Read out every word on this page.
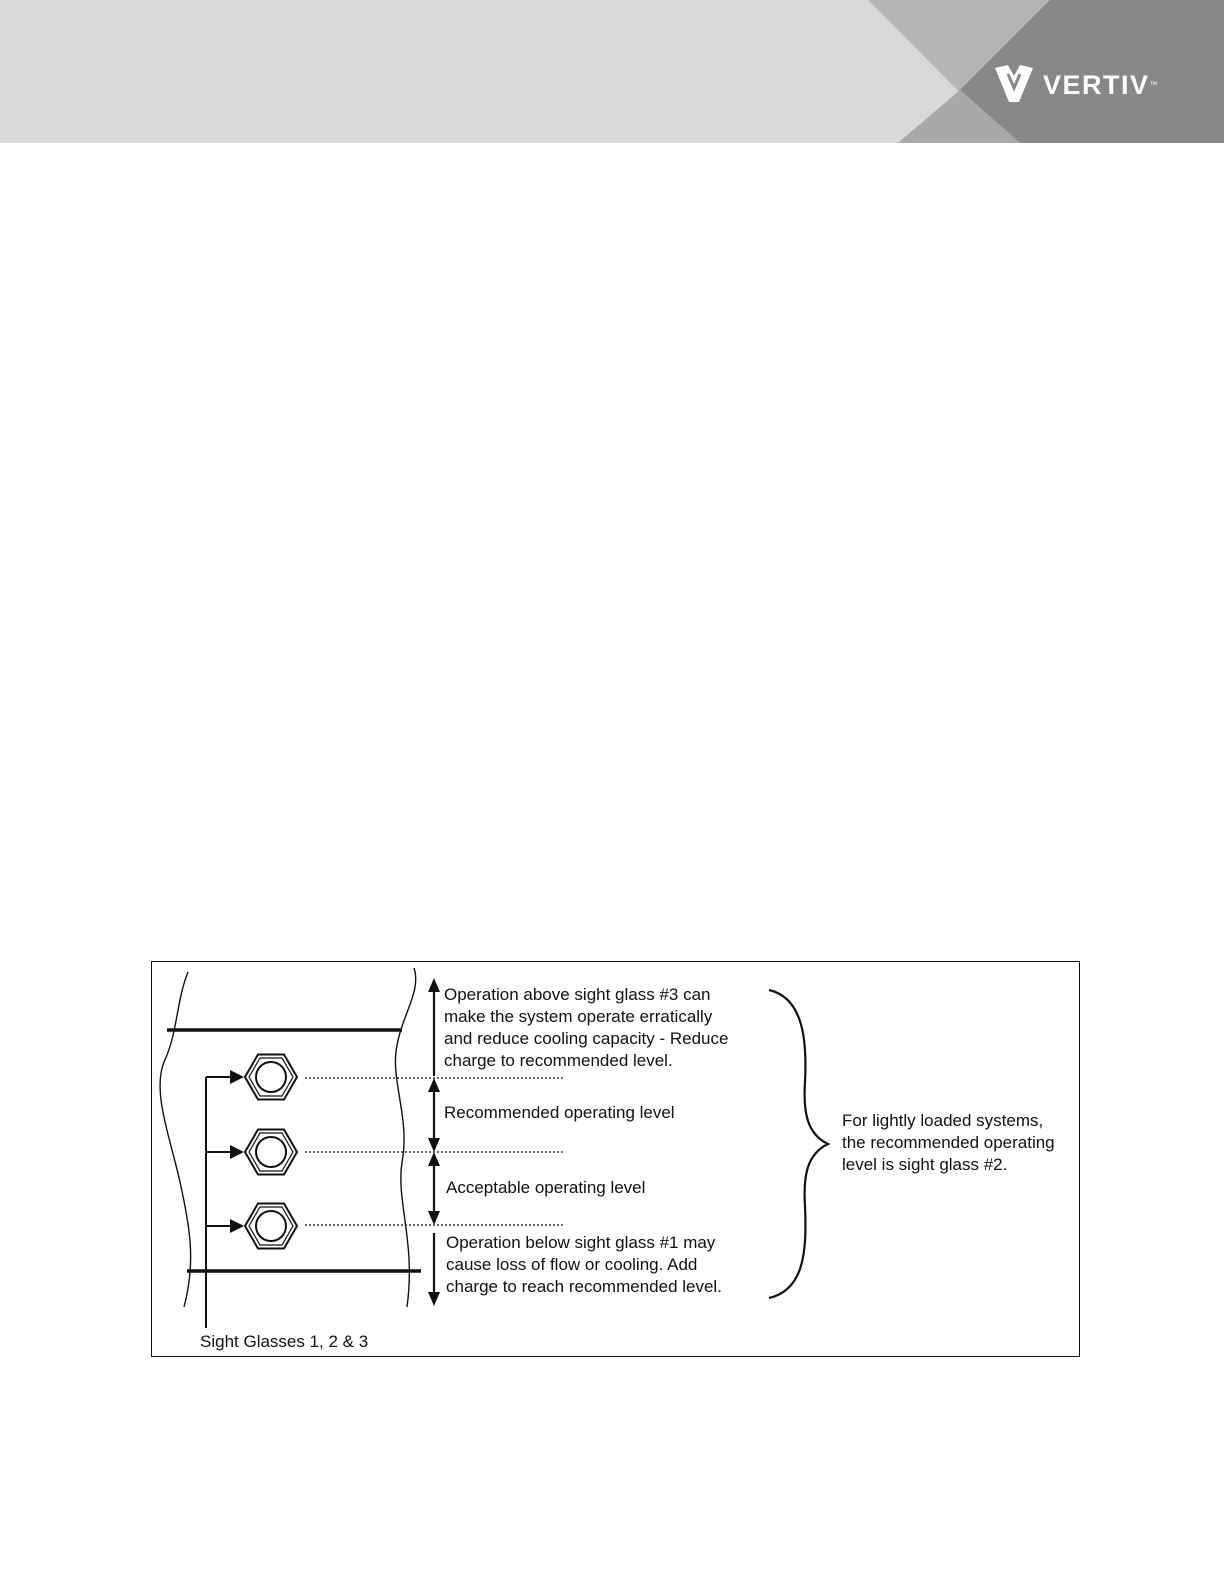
VERTIV™
Operation above sight glass #3 can
make the system operate erratically
and reduce cooling capacity - Reduce
charge to recommended level.
Recommended operating level
Acceptable operating level
Operation below sight glass #1 may
cause loss of flow or cooling. Add
charge to reach recommended level.
For lightly loaded systems,
the recommended operating
level is sight glass #2.
Sight Glasses 1, 2 & 3
